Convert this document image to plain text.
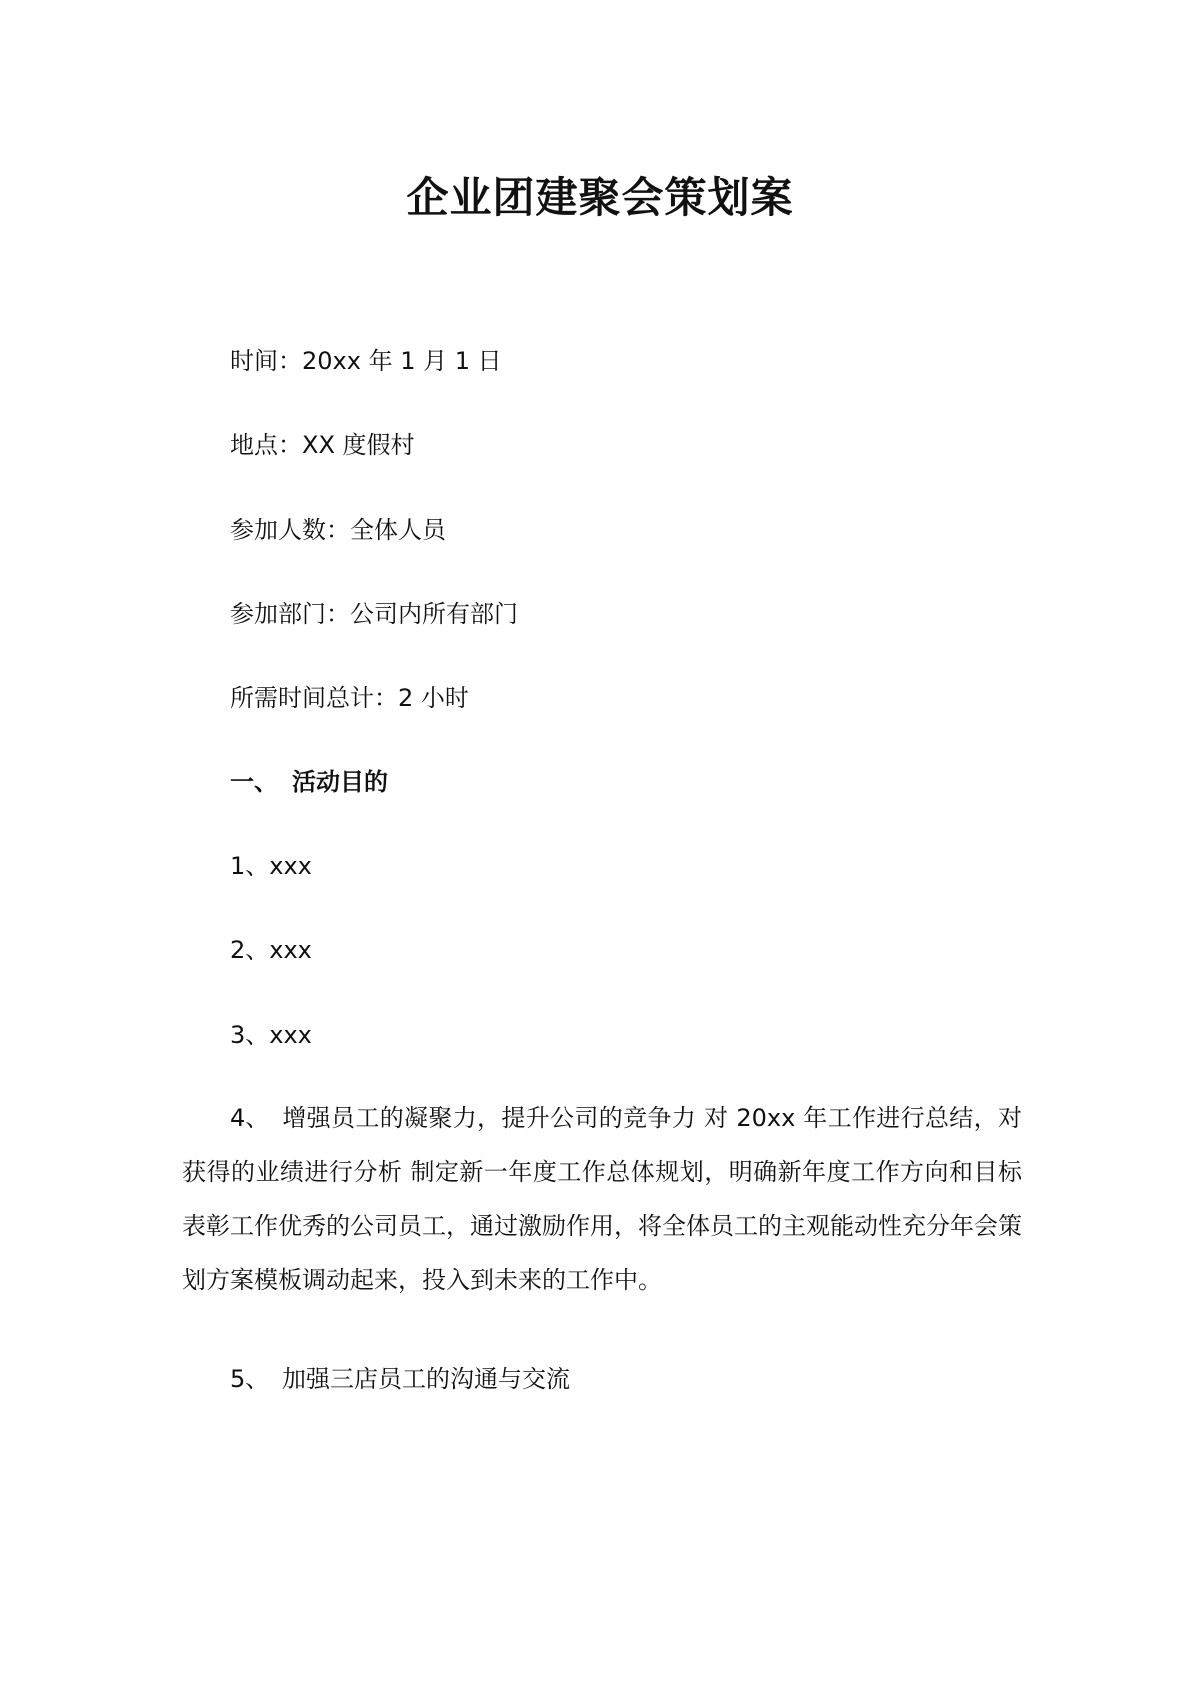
企业团建聚会策划案
时间：20xx 年 1 月 1 日
地点：XX 度假村
参加人数：全体人员
参加部门：公司内所有部门
所需时间总计：2 小时
一、 活动目的
1、xxx
2、xxx
3、xxx
4、 增强员工的凝聚力，提升公司的竞争力 对 20xx 年工作进行总结，对获得的业绩进行分析 制定新一年度工作总体规划，明确新年度工作方向和目标表彰工作优秀的公司员工，通过激励作用，将全体员工的主观能动性充分年会策划方案模板调动起来，投入到未来的工作中。
5、 加强三店员工的沟通与交流
